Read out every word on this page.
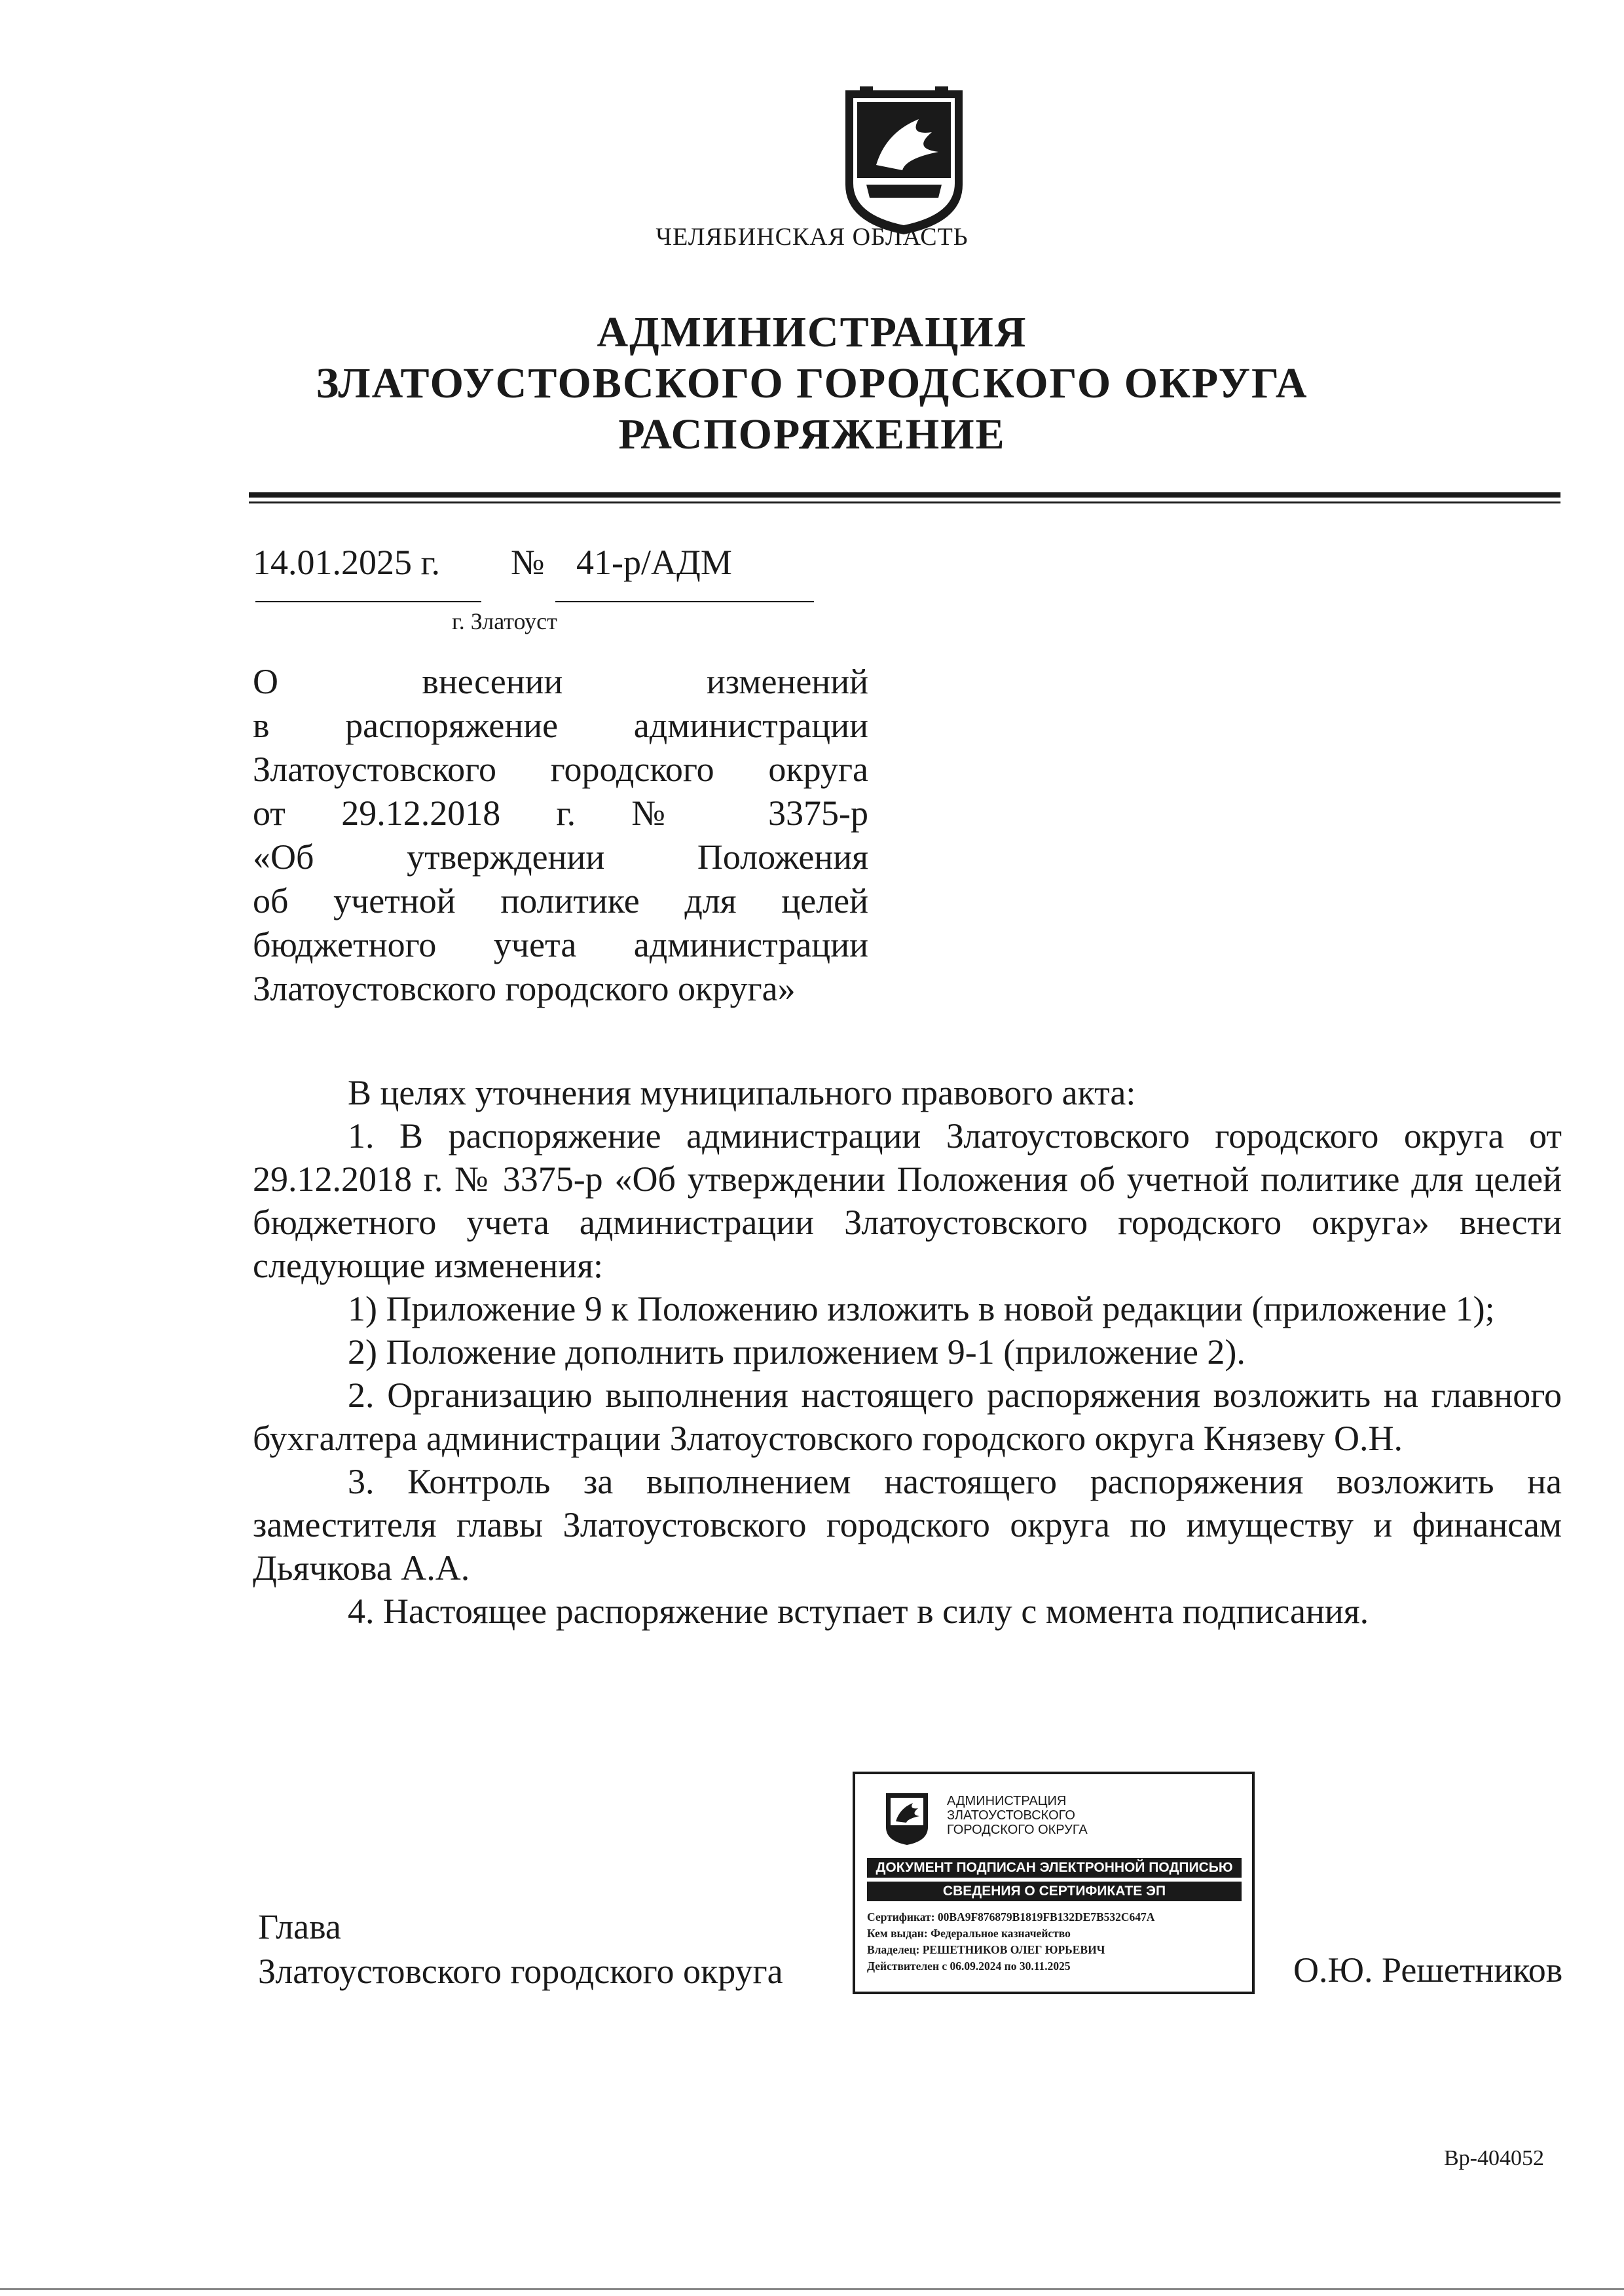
ЧЕЛЯБИНСКАЯ ОБЛАСТЬ
АДМИНИСТРАЦИЯ
ЗЛАТОУСТОВСКОГО ГОРОДСКОГО ОКРУГА
РАСПОРЯЖЕНИЕ
14.01.2025 г. № 41-р/АДМ
г. Златоуст
О внесении изменений
в распоряжение администрации
Златоустовского городского округа
от 29.12.2018 г. № 3375-р
«Об утверждении Положения
об учетной политике для целей
бюджетного учета администрации
Златоустовского городского округа»

В целях уточнения муниципального правового акта:

1. В распоряжение администрации Златоустовского городского округа от 29.12.2018 г. № 3375-р «Об утверждении Положения об учетной политике для целей бюджетного учета администрации Златоустовского городского округа» внести следующие изменения:

1) Приложение 9 к Положению изложить в новой редакции (приложение 1);

2) Положение дополнить приложением 9-1 (приложение 2).

2. Организацию выполнения настоящего распоряжения возложить на главного бухгалтера администрации Златоустовского городского округа Князеву О.Н.

3. Контроль за выполнением настоящего распоряжения возложить на заместителя главы Златоустовского городского округа по имуществу и финансам Дьячкова А.А.

4. Настоящее распоряжение вступает в силу с момента подписания.

Глава
Златоустовского городского округа	О.Ю. Решетников
АДМИНИСТРАЦИЯ
ЗЛАТОУСТОВСКОГО
ГОРОДСКОГО ОКРУГА
ДОКУМЕНТ ПОДПИСАН ЭЛЕКТРОННОЙ ПОДПИСЬЮ
СВЕДЕНИЯ О СЕРТИФИКАТЕ ЭП
Сертификат: 00BA9F876879B1819FB132DE7B532C647A
Кем выдан: Федеральное казначейство
Владелец: РЕШЕТНИКОВ ОЛЕГ ЮРЬЕВИЧ
Действителен с 06.09.2024 по 30.11.2025
Вр-404052
